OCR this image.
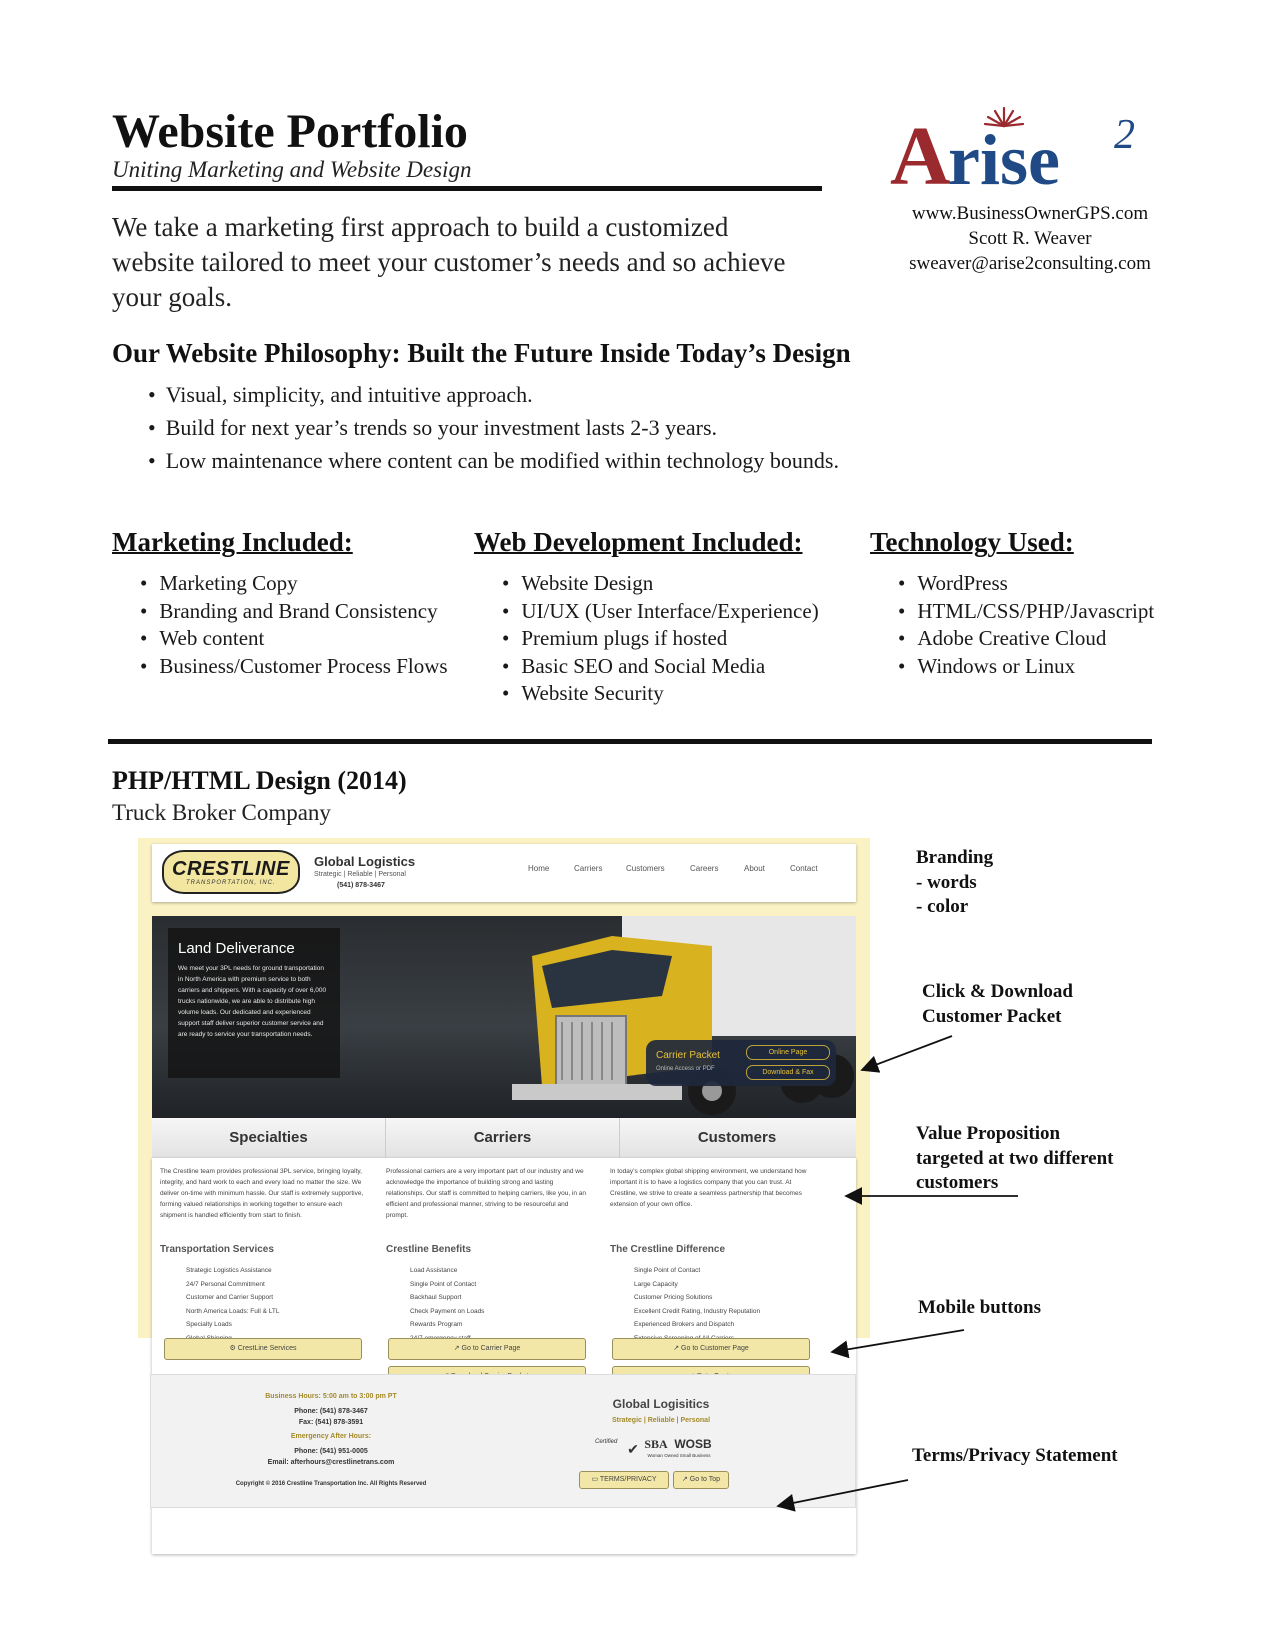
Website Portfolio
Uniting Marketing and Website Design	A
rise 2
www.BusinessOwnerGPS.com
Scott R. Weaver
sweaver@arise2consulting.com
We take a marketing first approach to build a customized website tailored to meet your customer’s needs and so achieve your goals.
Our Website Philosophy: Built the Future Inside Today’s Design
• Visual, simplicity, and intuitive approach.
• Build for next year’s trends so your investment lasts 2-3 years.
• Low maintenance where content can be modified within technology bounds.
Marketing Included:
• Marketing Copy
• Branding and Brand Consistency
• Web content
• Business/Customer Process Flows
Web Development Included:
• Website Design
• UI/UX (User Interface/Experience)
• Premium plugs if hosted
• Basic SEO and Social Media
• Website Security
Technology Used:
• WordPress
• HTML/CSS/PHP/Javascript
• Adobe Creative Cloud
• Windows or Linux
PHP/HTML Design (2014)
Truck Broker Company
CRESTLINE
TRANSPORTATION, INC.
Global Logistics
Strategic | Reliable | Personal
(541) 878-3467
Home	Carriers	Customers	Careers	About	Contact
Land Deliverance
We meet your 3PL needs for ground transportation in North America with premium service to both carriers and shippers. With a capacity of over 6,000 trucks nationwide, we are able to distribute high volume loads. Our dedicated and experienced support staff deliver superior customer service and are ready to service your transportation needs.
Carrier Packet
Online Access or PDF
Online Page
Download & Fax
Specialties	Carriers	Customers
The Crestline team provides professional 3PL service, bringing loyalty, integrity, and hard work to each and every load no matter the size. We deliver on-time with minimum hassle. Our staff is extremely supportive, forming valued relationships in working together to ensure each shipment is handled efficiently from start to finish.
Professional carriers are a very important part of our industry and we acknowledge the importance of building strong and lasting relationships. Our staff is committed to helping carriers, like you, in an efficient and professional manner, striving to be resourceful and prompt.
In today’s complex global shipping environment, we understand how important it is to have a logistics company that you can trust. At Crestline, we strive to create a seamless partnership that becomes extension of your own office.
Transportation Services	Crestline Benefits	The Crestline Difference
Strategic Logistics Assistance
24/7 Personal Commitment
Customer and Carrier Support
North America Loads: Full & LTL
Specialty Loads
Load Assistance
Single Point of Contact
Backhaul Support
Check Payment on Loads
Rewards Program
Single Point of Contact
Large Capacity
Customer Pricing Solutions
Excellent Credit Rating, Industry Reputation
Experienced Brokers and Dispatch
⚙ CrestLine Services	↗ Go to Carrier Page	↗ Go to Customer Page
Business Hours: 5:00 am to 3:00 pm PT
Phone: (541) 878-3467
Fax: (541) 878-3591
Emergency After Hours:
Phone: (541) 951-0005
Email: afterhours@crestlinetrans.com
Copyright © 2016 Crestline Transportation Inc. All Rights Reserved
Global Logisitics
Strategic | Reliable | Personal
Certified ✔ SBA WOSB
Woman Owned Small Business
▭ TERMS/PRIVACY	↗ Go to Top
Branding
- words
- color
Click & Download
Customer Packet
Value Proposition
targeted at two different
customers
Mobile buttons
Terms/Privacy Statement
